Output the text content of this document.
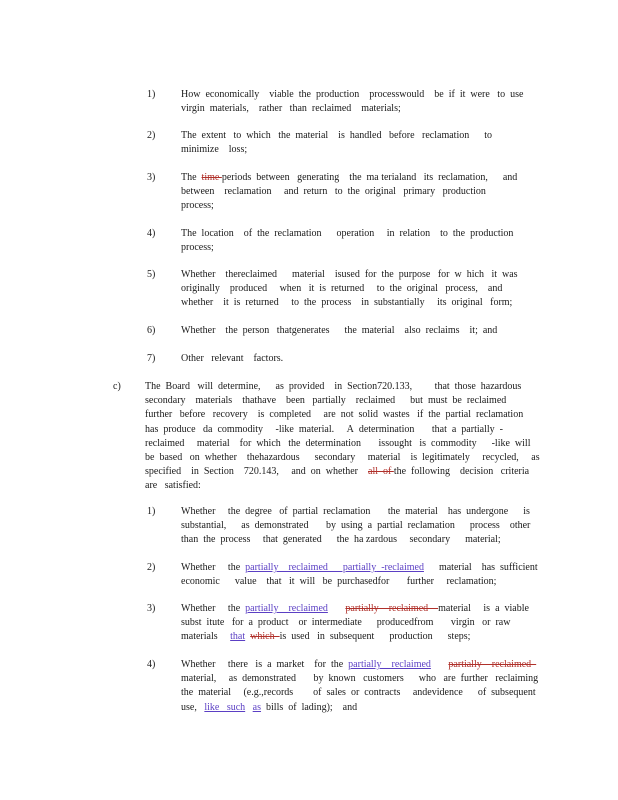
1)	How  economically    viable  the  production    processwould    be  if  it  were   to  use
virgin  materials,    rather   than  reclaimed    materials;
2)	The  extent   to  which   the  material    is  handled   before   reclamation      to
minimize    loss;
3)	The  time periods  between   generating    the  ma terialand   its  reclamation,      and
between    reclamation     and  return   to  the  original   primary   production
process;
4)	The  location    of  the  reclamation      operation     in  relation    to  the  production
process;
5)	Whether    thereclaimed      material    isused  for  the  purpose   for  w  hich   it  was
originally    produced     when   it  is  returned     to  the  original   process,    and
whether    it  is  returned     to  the  process    in  substantially     its  original   form;
6)	Whether    the  person   thatgenerates      the  material    also  reclaims    it;  and
7)	Other   relevant    factors.
c) The  Board   will  determine,      as  provided    in  Section720.133,         that  those  hazardous
secondary    materials    thathave    been   partially    reclaimed      but  must  be  reclaimed
further   before   recovery    is  completed     are  not  solid  wastes   if  the  partial  reclamation
has  produce   da  commodity     -like  material.     A  determination       that  a  partially  -
reclaimed     material    for  which   the  determination       issought   is  commodity      -like  will
be  based   on  whether    thehazardous      secondary     material    is  legitimately     recycled,     as
specified    in  Section    720.143,     and  on  whether    all  of the  following    decision   criteria
are   satisfied:
1)	Whether     the  degree   of  partial  reclamation       the  material    has  undergone      is
substantial,      as  demonstrated       by  using  a  partial  reclamation      process    other
than  the  process     that  generated      the  ha zardous     secondary      material;
2)	Whether     the  partially    reclaimed      partially  -reclaimed      material    has  sufficient
economic      value    that   it  will   be  purchasedfor       further     reclamation;
3)	Whether     the  partially    reclaimed partially    reclaimed    material     is  a  viable
subst  itute   for  a  product    or  intermediate      producedfrom       virgin   or  raw
materials     that which  is  used   in  subsequent      production      steps;
4)	Whether     there   is  a  market    for  the  partially    reclaimed partially    reclaimed
material,     as  demonstrated       by  known   customers      who   are  further   reclaiming
the  material     (e.g.,records        of  sales  or  contracts     andevidence      of  subsequent
use,   like   such as  bills  of  lading);    and
